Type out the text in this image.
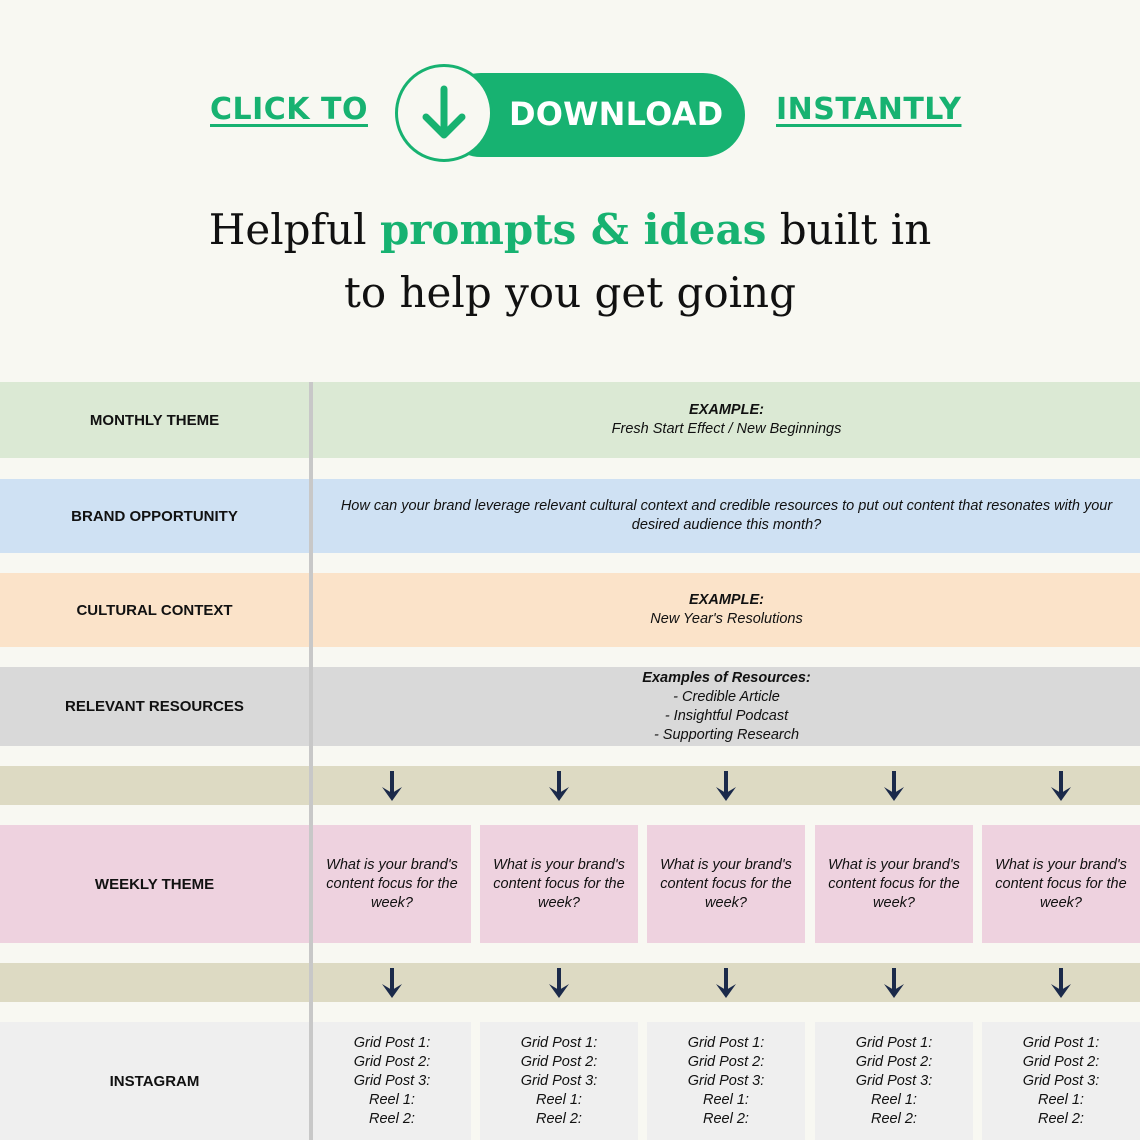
CLICK TO	DOWNLOAD INSTANTLY
Helpful prompts & ideas built in
to help you get going
MONTHLY THEME
EXAMPLE:
Fresh Start Effect / New Beginnings
BRAND OPPORTUNITY
How can your brand leverage relevant cultural context and credible resources to put out content that resonates with your desired audience this month?
CULTURAL CONTEXT
EXAMPLE:
New Year's Resolutions
RELEVANT RESOURCES
Examples of Resources:
- Credible Article
- Insightful Podcast
- Supporting Research
WEEKLY THEME
What is your brand's content focus for the week?
What is your brand's content focus for the week?
What is your brand's content focus for the week?
What is your brand's content focus for the week?
What is your brand's content focus for the week?
INSTAGRAM
Grid Post 1:
Grid Post 2:
Grid Post 3:
Reel 1:
Reel 2:
Grid Post 1:
Grid Post 2:
Grid Post 3:
Reel 1:
Reel 2:
Grid Post 1:
Grid Post 2:
Grid Post 3:
Reel 1:
Reel 2:
Grid Post 1:
Grid Post 2:
Grid Post 3:
Reel 1:
Reel 2:
Grid Post 1:
Grid Post 2:
Grid Post 3:
Reel 1:
Reel 2:
